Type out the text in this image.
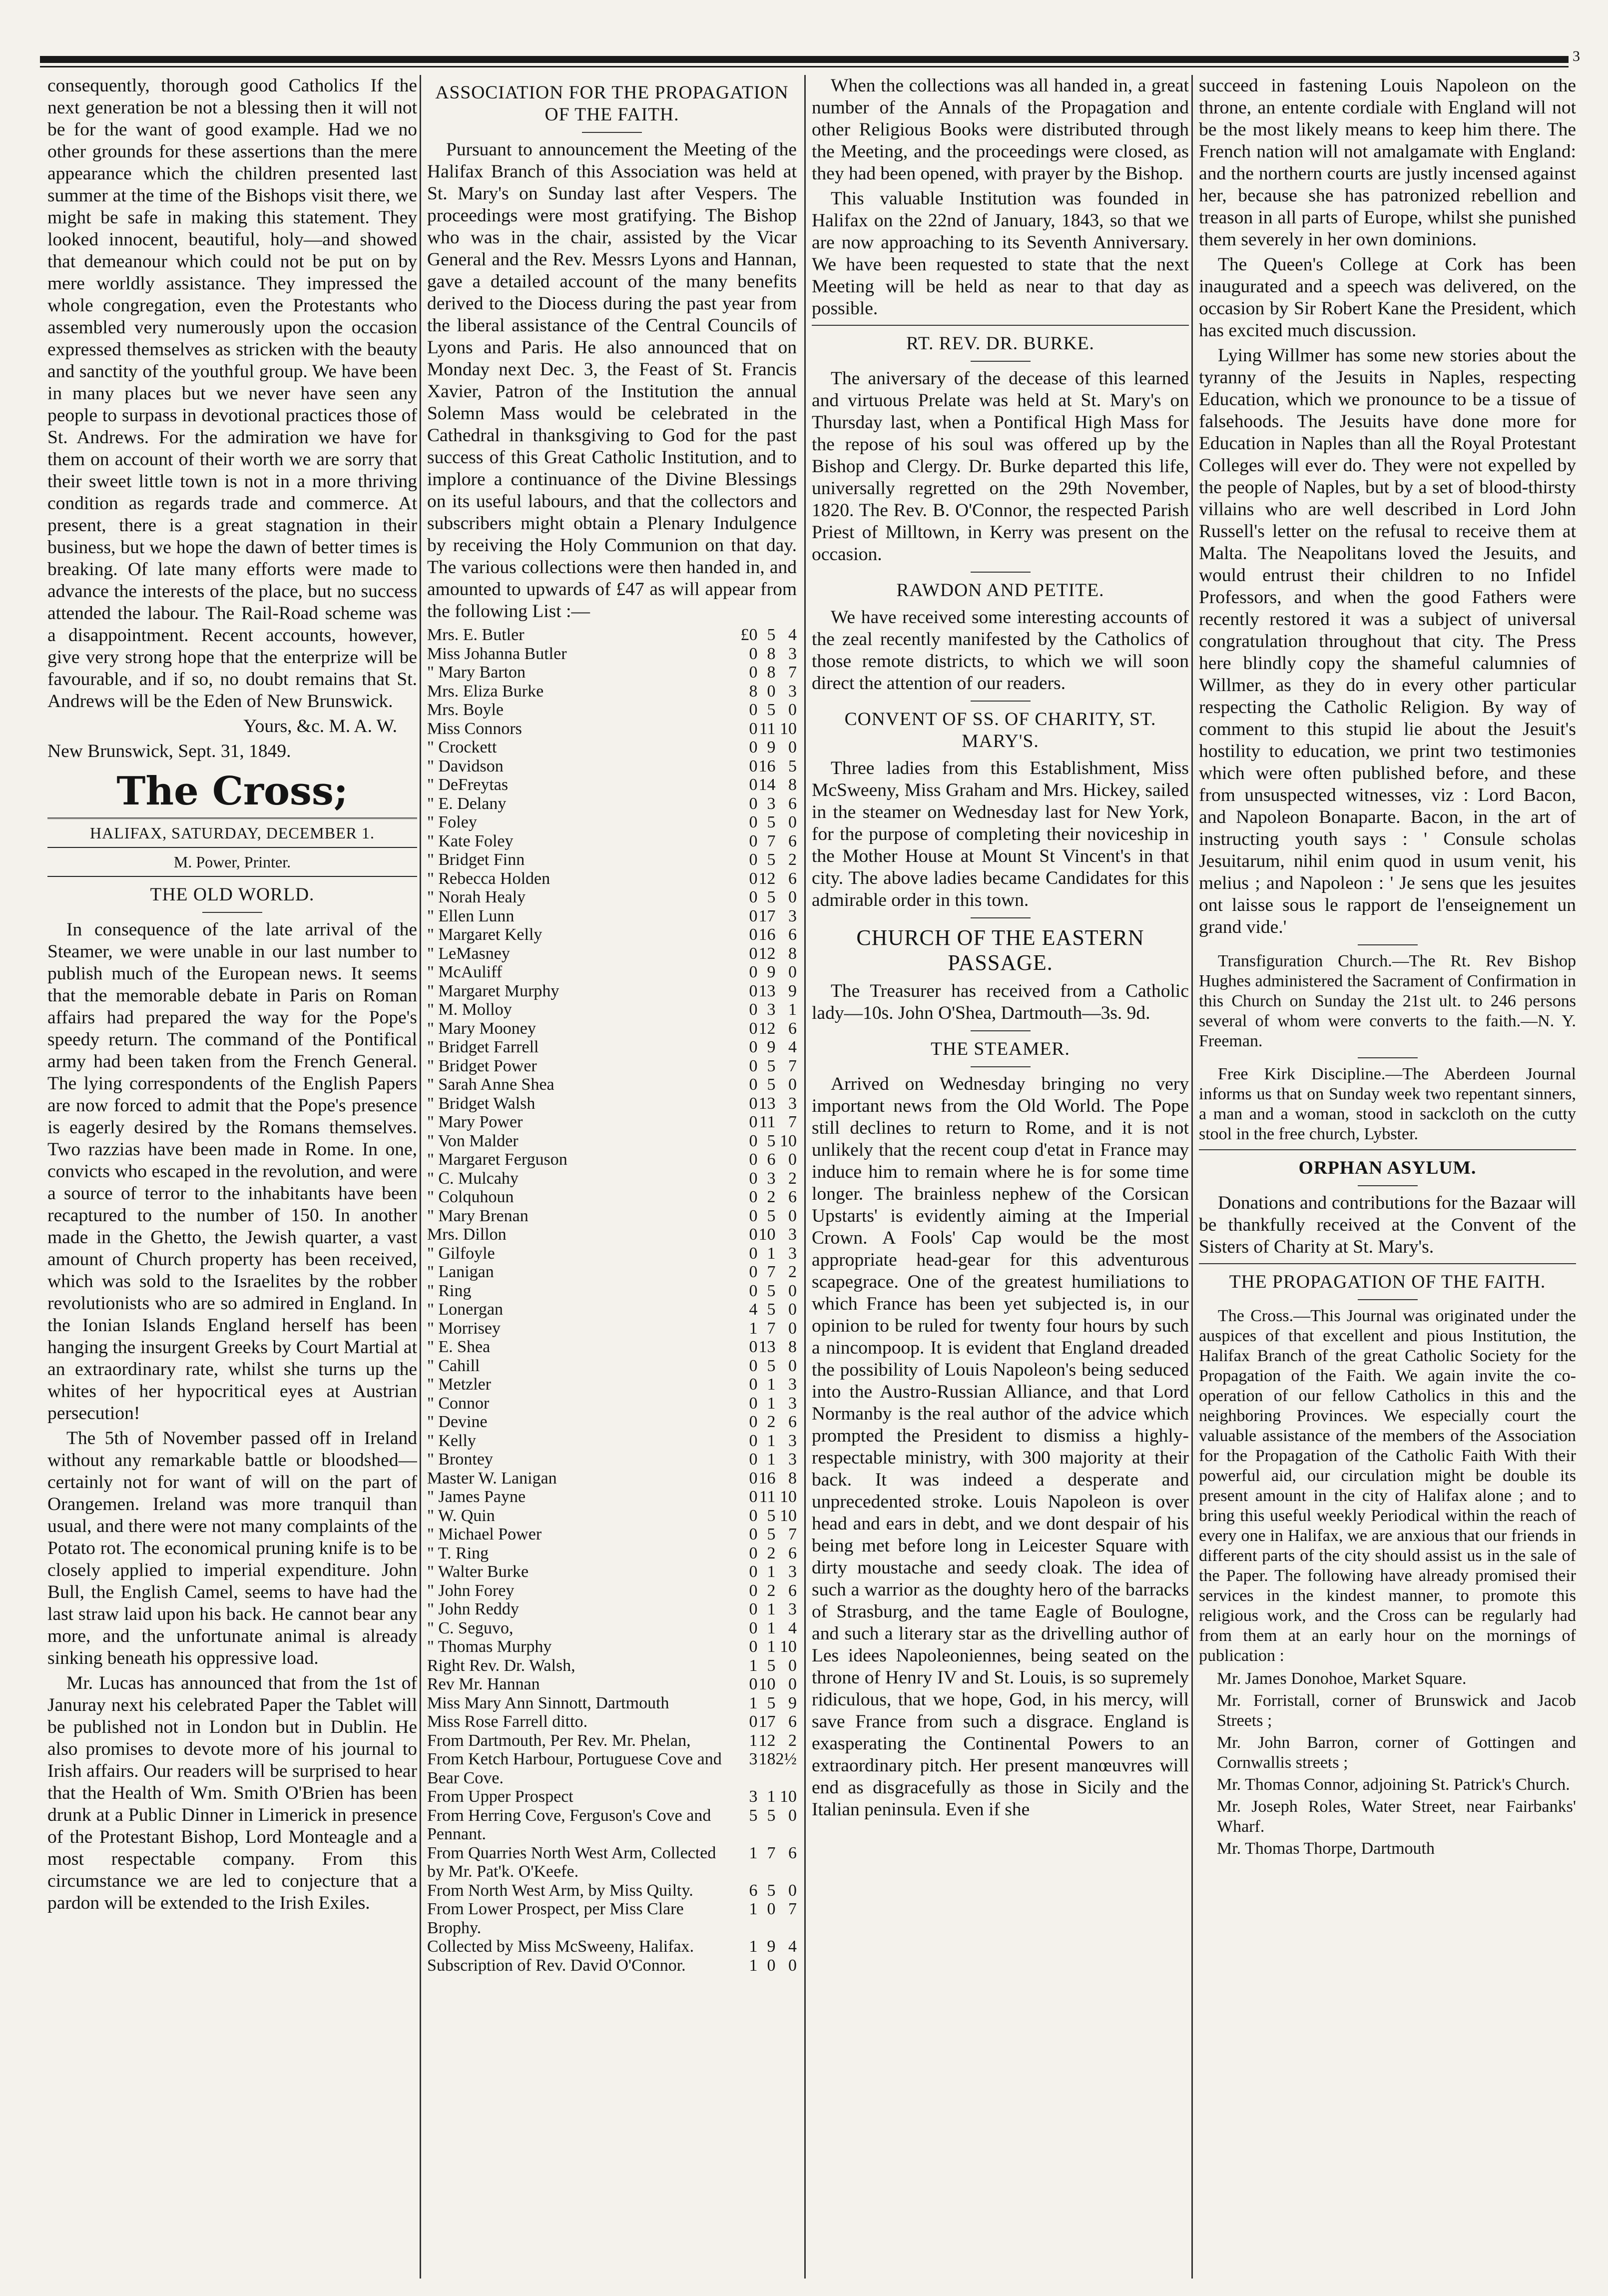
3

consequently, thorough good Catholics If the next generation be not a blessing then it will not be for the want of good example. Had we no other grounds for these assertions than the mere appearance which the children presented last summer at the time of the Bishops visit there, we might be safe in making this statement. They looked innocent, beautiful, holy—and showed that demeanour which could not be put on by mere worldly assistance. They impressed the whole congregation, even the Protestants who assembled very numerously upon the occasion expressed themselves as stricken with the beauty and sanctity of the youthful group. We have been in many places but we never have seen any people to surpass in devotional practices those of St. Andrews. For the admiration we have for them on account of their worth we are sorry that their sweet little town is not in a more thriving condition as regards trade and commerce. At present, there is a great stagnation in their business, but we hope the dawn of better times is breaking. Of late many efforts were made to advance the interests of the place, but no success attended the labour. The Rail-Road scheme was a disappointment. Recent accounts, however, give very strong hope that the enterprize will be favourable, and if so, no doubt remains that St. Andrews will be the Eden of New Brunswick.

Yours, &c. M. A. W.

New Brunswick, Sept. 31, 1849.

The Cross;
HALIFAX, SATURDAY, DECEMBER 1.
M. Power, Printer.
THE OLD WORLD.

In consequence of the late arrival of the Steamer, we were unable in our last number to publish much of the European news. It seems that the memorable debate in Paris on Roman affairs had prepared the way for the Pope's speedy return. The command of the Pontifical army had been taken from the French General. The lying correspondents of the English Papers are now forced to admit that the Pope's presence is eagerly desired by the Romans themselves. Two razzias have been made in Rome. In one, convicts who escaped in the revolution, and were a source of terror to the inhabitants have been recaptured to the number of 150. In another made in the Ghetto, the Jewish quarter, a vast amount of Church property has been received, which was sold to the Israelites by the robber revolutionists who are so admired in England. In the Ionian Islands England herself has been hanging the insurgent Greeks by Court Martial at an extraordinary rate, whilst she turns up the whites of her hypocritical eyes at Austrian persecution!

The 5th of November passed off in Ireland without any remarkable battle or bloodshed—certainly not for want of will on the part of Orangemen. Ireland was more tranquil than usual, and there were not many complaints of the Potato rot. The economical pruning knife is to be closely applied to imperial expenditure. John Bull, the English Camel, seems to have had the last straw laid upon his back. He cannot bear any more, and the unfortunate animal is already sinking beneath his oppressive load.

Mr. Lucas has announced that from the 1st of Januray next his celebrated Paper the Tablet will be published not in London but in Dublin. He also promises to devote more of his journal to Irish affairs. Our readers will be surprised to hear that the Health of Wm. Smith O'Brien has been drunk at a Public Dinner in Limerick in presence of the Protestant Bishop, Lord Monteagle and a most respectable company. From this circumstance we are led to conjecture that a pardon will be extended to the Irish Exiles.

ASSOCIATION FOR THE PROPAGATION OF THE FAITH.

Pursuant to announcement the Meeting of the Halifax Branch of this Association was held at St. Mary's on Sunday last after Vespers. The proceedings were most gratifying. The Bishop who was in the chair, assisted by the Vicar General and the Rev. Messrs Lyons and Hannan, gave a detailed account of the many benefits derived to the Diocess during the past year from the liberal assistance of the Central Councils of Lyons and Paris. He also announced that on Monday next Dec. 3, the Feast of St. Francis Xavier, Patron of the Institution the annual Solemn Mass would be celebrated in the Cathedral in thanksgiving to God for the past success of this Great Catholic Institution, and to implore a continuance of the Divine Blessings on its useful labours, and that the collectors and subscribers might obtain a Plenary Indulgence by receiving the Holy Communion on that day. The various collections were then handed in, and amounted to upwards of £47 as will appear from the following List :—

Mrs. E. Butler	£0	5	4
Miss Johanna Butler	0	8	3
" Mary Barton	0	8	7
Mrs. Eliza Burke	8	0	3
Mrs. Boyle	0	5	0
Miss Connors	0	11	10
" Crockett	0	9	0
" Davidson	0	16	5
" DeFreytas	0	14	8
" E. Delany	0	3	6
" Foley	0	5	0
" Kate Foley	0	7	6
" Bridget Finn	0	5	2
" Rebecca Holden	0	12	6
" Norah Healy	0	5	0
" Ellen Lunn	0	17	3
" Margaret Kelly	0	16	6
" LeMasney	0	12	8
" McAuliff	0	9	0
" Margaret Murphy	0	13	9
" M. Molloy	0	3	1
" Mary Mooney	0	12	6
" Bridget Farrell	0	9	4
" Bridget Power	0	5	7
" Sarah Anne Shea	0	5	0
" Bridget Walsh	0	13	3
" Mary Power	0	11	7
" Von Malder	0	5	10
" Margaret Ferguson	0	6	0
" C. Mulcahy	0	3	2
" Colquhoun	0	2	6
" Mary Brenan	0	5	0
Mrs. Dillon	0	10	3
" Gilfoyle	0	1	3
" Lanigan	0	7	2
" Ring	0	5	0
" Lonergan	4	5	0
" Morrisey	1	7	0
" E. Shea	0	13	8
" Cahill	0	5	0
" Metzler	0	1	3
" Connor	0	1	3
" Devine	0	2	6
" Kelly	0	1	3
" Brontey	0	1	3
Master W. Lanigan	0	16	8
" James Payne	0	11	10
" W. Quin	0	5	10
" Michael Power	0	5	7
" T. Ring	0	2	6
" Walter Burke	0	1	3
" John Forey	0	2	6
" John Reddy	0	1	3
" C. Seguvo,	0	1	4
" Thomas Murphy	0	1	10
Right Rev. Dr. Walsh,	1	5	0
Rev Mr. Hannan	0	10	0
Miss Mary Ann Sinnott, Dartmouth	1	5	9
Miss Rose Farrell ditto.	0	17	6
From Dartmouth, Per Rev. Mr. Phelan,	1	12	2
From Ketch Harbour, Portuguese Cove and Bear Cove.	3	18	2½
From Upper Prospect	3	1	10
From Herring Cove, Ferguson's Cove and Pennant.	5	5	0
From Quarries North West Arm, Collected by Mr. Pat'k. O'Keefe.	1	7	6
From North West Arm, by Miss Quilty.	6	5	0
From Lower Prospect, per Miss Clare Brophy.	1	0	7
Collected by Miss McSweeny, Halifax.	1	9	4
Subscription of Rev. David O'Connor.	1	0	0

When the collections was all handed in, a great number of the Annals of the Propagation and other Religious Books were distributed through the Meeting, and the proceedings were closed, as they had been opened, with prayer by the Bishop.

This valuable Institution was founded in Halifax on the 22nd of January, 1843, so that we are now approaching to its Seventh Anniversary. We have been requested to state that the next Meeting will be held as near to that day as possible.

RT. REV. DR. BURKE.

The aniversary of the decease of this learned and virtuous Prelate was held at St. Mary's on Thursday last, when a Pontifical High Mass for the repose of his soul was offered up by the Bishop and Clergy. Dr. Burke departed this life, universally regretted on the 29th November, 1820. The Rev. B. O'Connor, the respected Parish Priest of Milltown, in Kerry was present on the occasion.

RAWDON AND PETITE.

We have received some interesting accounts of the zeal recently manifested by the Catholics of those remote districts, to which we will soon direct the attention of our readers.

CONVENT OF SS. OF CHARITY, ST. MARY'S.

Three ladies from this Establishment, Miss McSweeny, Miss Graham and Mrs. Hickey, sailed in the steamer on Wednesday last for New York, for the purpose of completing their noviceship in the Mother House at Mount St Vincent's in that city. The above ladies became Candidates for this admirable order in this town.

CHURCH OF THE EASTERN PASSAGE.

The Treasurer has received from a Catholic lady—10s. John O'Shea, Dartmouth—3s. 9d.

THE STEAMER.

Arrived on Wednesday bringing no very important news from the Old World. The Pope still declines to return to Rome, and it is not unlikely that the recent coup d'etat in France may induce him to remain where he is for some time longer. The brainless nephew of the Corsican Upstarts' is evidently aiming at the Imperial Crown. A Fools' Cap would be the most appropriate head-gear for this adventurous scapegrace. One of the greatest humiliations to which France has been yet subjected is, in our opinion to be ruled for twenty four hours by such a nincompoop. It is evident that England dreaded the possibility of Louis Napoleon's being seduced into the Austro-Russian Alliance, and that Lord Normanby is the real author of the advice which prompted the President to dismiss a highly-respectable ministry, with 300 majority at their back. It was indeed a desperate and unprecedented stroke. Louis Napoleon is over head and ears in debt, and we dont despair of his being met before long in Leicester Square with dirty moustache and seedy cloak. The idea of such a warrior as the doughty hero of the barracks of Strasburg, and the tame Eagle of Boulogne, and such a literary star as the drivelling author of Les idees Napoleoniennes, being seated on the throne of Henry IV and St. Louis, is so supremely ridiculous, that we hope, God, in his mercy, will save France from such a disgrace. England is exasperating the Continental Powers to an extraordinary pitch. Her present manœuvres will end as disgracefully as those in Sicily and the Italian peninsula. Even if she

succeed in fastening Louis Napoleon on the throne, an entente cordiale with England will not be the most likely means to keep him there. The French nation will not amalgamate with England: and the northern courts are justly incensed against her, because she has patronized rebellion and treason in all parts of Europe, whilst she punished them severely in her own dominions.

The Queen's College at Cork has been inaugurated and a speech was delivered, on the occasion by Sir Robert Kane the President, which has excited much discussion.

Lying Willmer has some new stories about the tyranny of the Jesuits in Naples, respecting Education, which we pronounce to be a tissue of falsehoods. The Jesuits have done more for Education in Naples than all the Royal Protestant Colleges will ever do. They were not expelled by the people of Naples, but by a set of blood-thirsty villains who are well described in Lord John Russell's letter on the refusal to receive them at Malta. The Neapolitans loved the Jesuits, and would entrust their children to no Infidel Professors, and when the good Fathers were recently restored it was a subject of universal congratulation throughout that city. The Press here blindly copy the shameful calumnies of Willmer, as they do in every other particular respecting the Catholic Religion. By way of comment to this stupid lie about the Jesuit's hostility to education, we print two testimonies which were often published before, and these from unsuspected witnesses, viz : Lord Bacon, and Napoleon Bonaparte. Bacon, in the art of instructing youth says : ' Consule scholas Jesuitarum, nihil enim quod in usum venit, his melius ; and Napoleon : ' Je sens que les jesuites ont laisse sous le rapport de l'enseignement un grand vide.'

Transfiguration Church.—The Rt. Rev Bishop Hughes administered the Sacrament of Confirmation in this Church on Sunday the 21st ult. to 246 persons several of whom were converts to the faith.—N. Y. Freeman.

Free Kirk Discipline.—The Aberdeen Journal informs us that on Sunday week two repentant sinners, a man and a woman, stood in sackcloth on the cutty stool in the free church, Lybster.

ORPHAN ASYLUM.

Donations and contributions for the Bazaar will be thankfully received at the Convent of the Sisters of Charity at St. Mary's.

THE PROPAGATION OF THE FAITH.

The Cross.—This Journal was originated under the auspices of that excellent and pious Institution, the Halifax Branch of the great Catholic Society for the Propagation of the Faith. We again invite the co-operation of our fellow Catholics in this and the neighboring Provinces. We especially court the valuable assistance of the members of the Association for the Propagation of the Catholic Faith With their powerful aid, our circulation might be double its present amount in the city of Halifax alone ; and to bring this useful weekly Periodical within the reach of every one in Halifax, we are anxious that our friends in different parts of the city should assist us in the sale of the Paper. The following have already promised their services in the kindest manner, to promote this religious work, and the Cross can be regularly had from them at an early hour on the mornings of publication :

Mr. James Donohoe, Market Square.

Mr. Forristall, corner of Brunswick and Jacob Streets ;

Mr. John Barron, corner of Gottingen and Cornwallis streets ;

Mr. Thomas Connor, adjoining St. Patrick's Church.

Mr. Joseph Roles, Water Street, near Fairbanks' Wharf.

Mr. Thomas Thorpe, Dartmouth
